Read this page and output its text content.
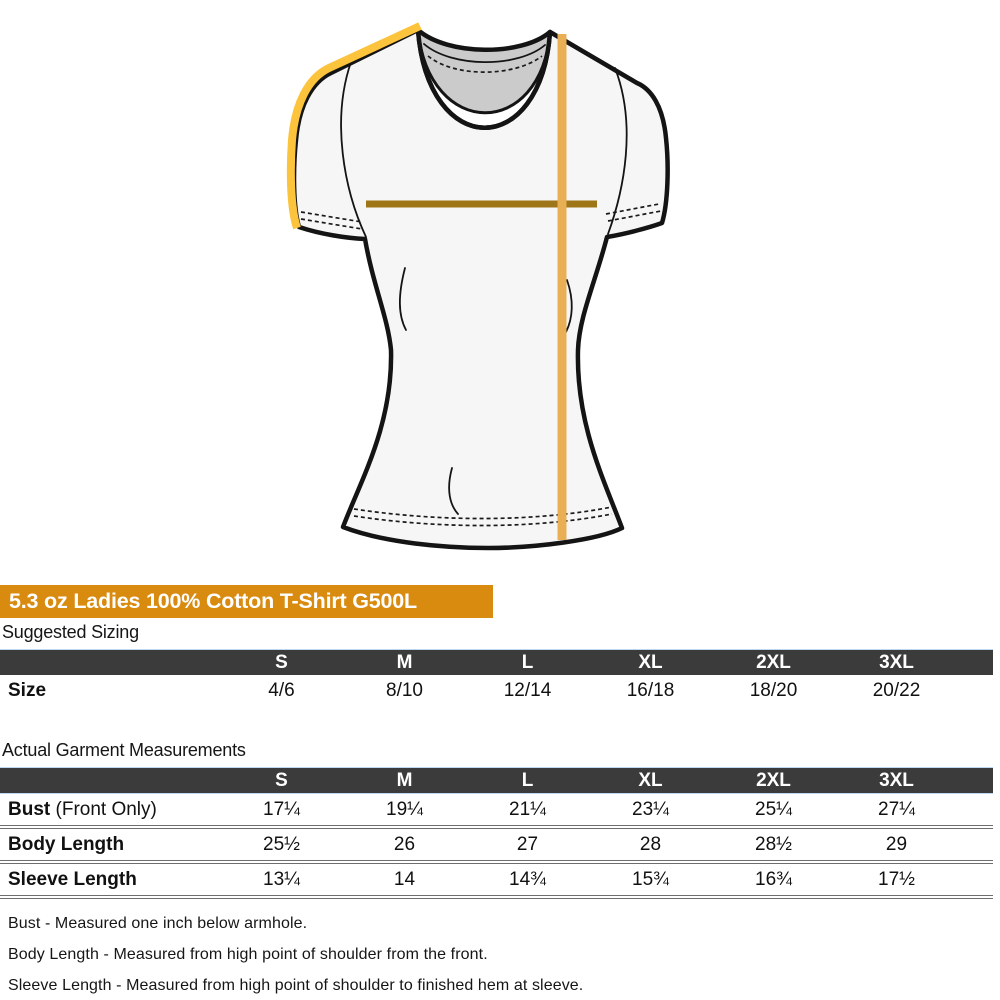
5.3 oz Ladies 100% Cotton T-Shirt G500L
Suggested Sizing
S	M	L	XL	2XL	3XL
Size	4/6	8/10	12/14	16/18	18/20	20/22
Actual Garment Measurements
S	M	L	XL	2XL	3XL
Bust (Front Only)	17¼	19¼	21¼	23¼	25¼	27¼
Body Length	25½	26	27	28	28½	29
Sleeve Length	13¼	14	14¾	15¾	16¾	17½
Bust - Measured one inch below armhole.
Body Length - Measured from high point of shoulder from the front.
Sleeve Length - Measured from high point of shoulder to finished hem at sleeve.
